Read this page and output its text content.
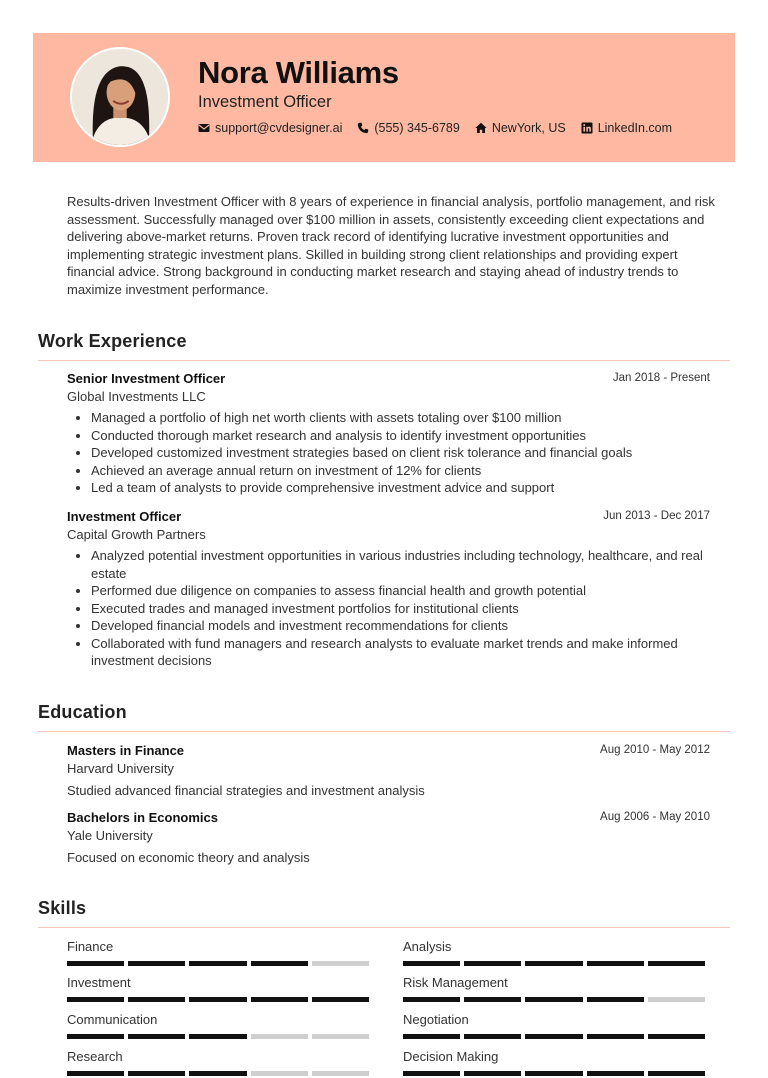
Nora Williams
Investment Officer
support@cvdesigner.ai	(555) 345-6789	NewYork, US	LinkedIn.com
Results-driven Investment Officer with 8 years of experience in financial analysis, portfolio management, and risk assessment. Successfully managed over $100 million in assets, consistently exceeding client expectations and delivering above-market returns. Proven track record of identifying lucrative investment opportunities and implementing strategic investment plans. Skilled in building strong client relationships and providing expert financial advice. Strong background in conducting market research and staying ahead of industry trends to maximize investment performance.
Work Experience
Senior Investment Officer	Jan 2018 - Present
Global Investments LLC
• Managed a portfolio of high net worth clients with assets totaling over $100 million
• Conducted thorough market research and analysis to identify investment opportunities
• Developed customized investment strategies based on client risk tolerance and financial goals
• Achieved an average annual return on investment of 12% for clients
• Led a team of analysts to provide comprehensive investment advice and support
Investment Officer	Jun 2013 - Dec 2017
Capital Growth Partners
• Analyzed potential investment opportunities in various industries including technology, healthcare, and real estate
• Performed due diligence on companies to assess financial health and growth potential
• Executed trades and managed investment portfolios for institutional clients
• Developed financial models and investment recommendations for clients
• Collaborated with fund managers and research analysts to evaluate market trends and make informed investment decisions
Education
Masters in Finance	Aug 2010 - May 2012
Harvard University
Studied advanced financial strategies and investment analysis
Bachelors in Economics	Aug 2006 - May 2010
Yale University
Focused on economic theory and analysis
Skills
Finance	Analysis
Investment	Risk Management
Communication	Negotiation
Research	Decision Making
